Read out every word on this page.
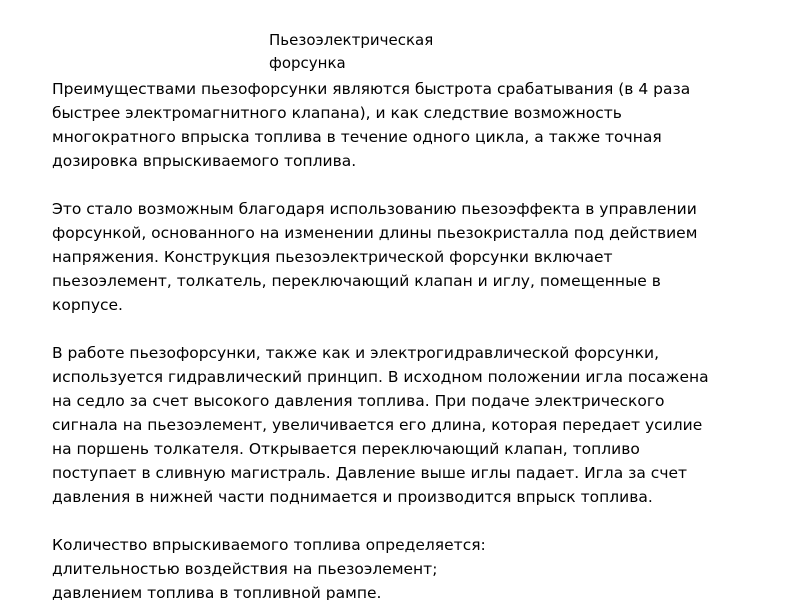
Пьезоэлектрическая
форсунка

Преимуществами пьезофорсунки являются быстрота срабатывания (в 4 раза
быстрее электромагнитного клапана), и как следствие возможность
многократного впрыска топлива в течение одного цикла, а также точная
дозировка впрыскиваемого топлива.

Это стало возможным благодаря использованию пьезоэффекта в управлении
форсункой, основанного на изменении длины пьезокристалла под действием
напряжения. Конструкция пьезоэлектрической форсунки включает
пьезоэлемент, толкатель, переключающий клапан и иглу, помещенные в
корпусе.

В работе пьезофорсунки, также как и электрогидравлической форсунки,
используется гидравлический принцип. В исходном положении игла посажена
на седло за счет высокого давления топлива. При подаче электрического
сигнала на пьезоэлемент, увеличивается его длина, которая передает усилие
на поршень толкателя. Открывается переключающий клапан, топливо
поступает в сливную магистраль. Давление выше иглы падает. Игла за счет
давления в нижней части поднимается и производится впрыск топлива.

Количество впрыскиваемого топлива определяется:
длительностью воздействия на пьезоэлемент;
давлением топлива в топливной рампе.
